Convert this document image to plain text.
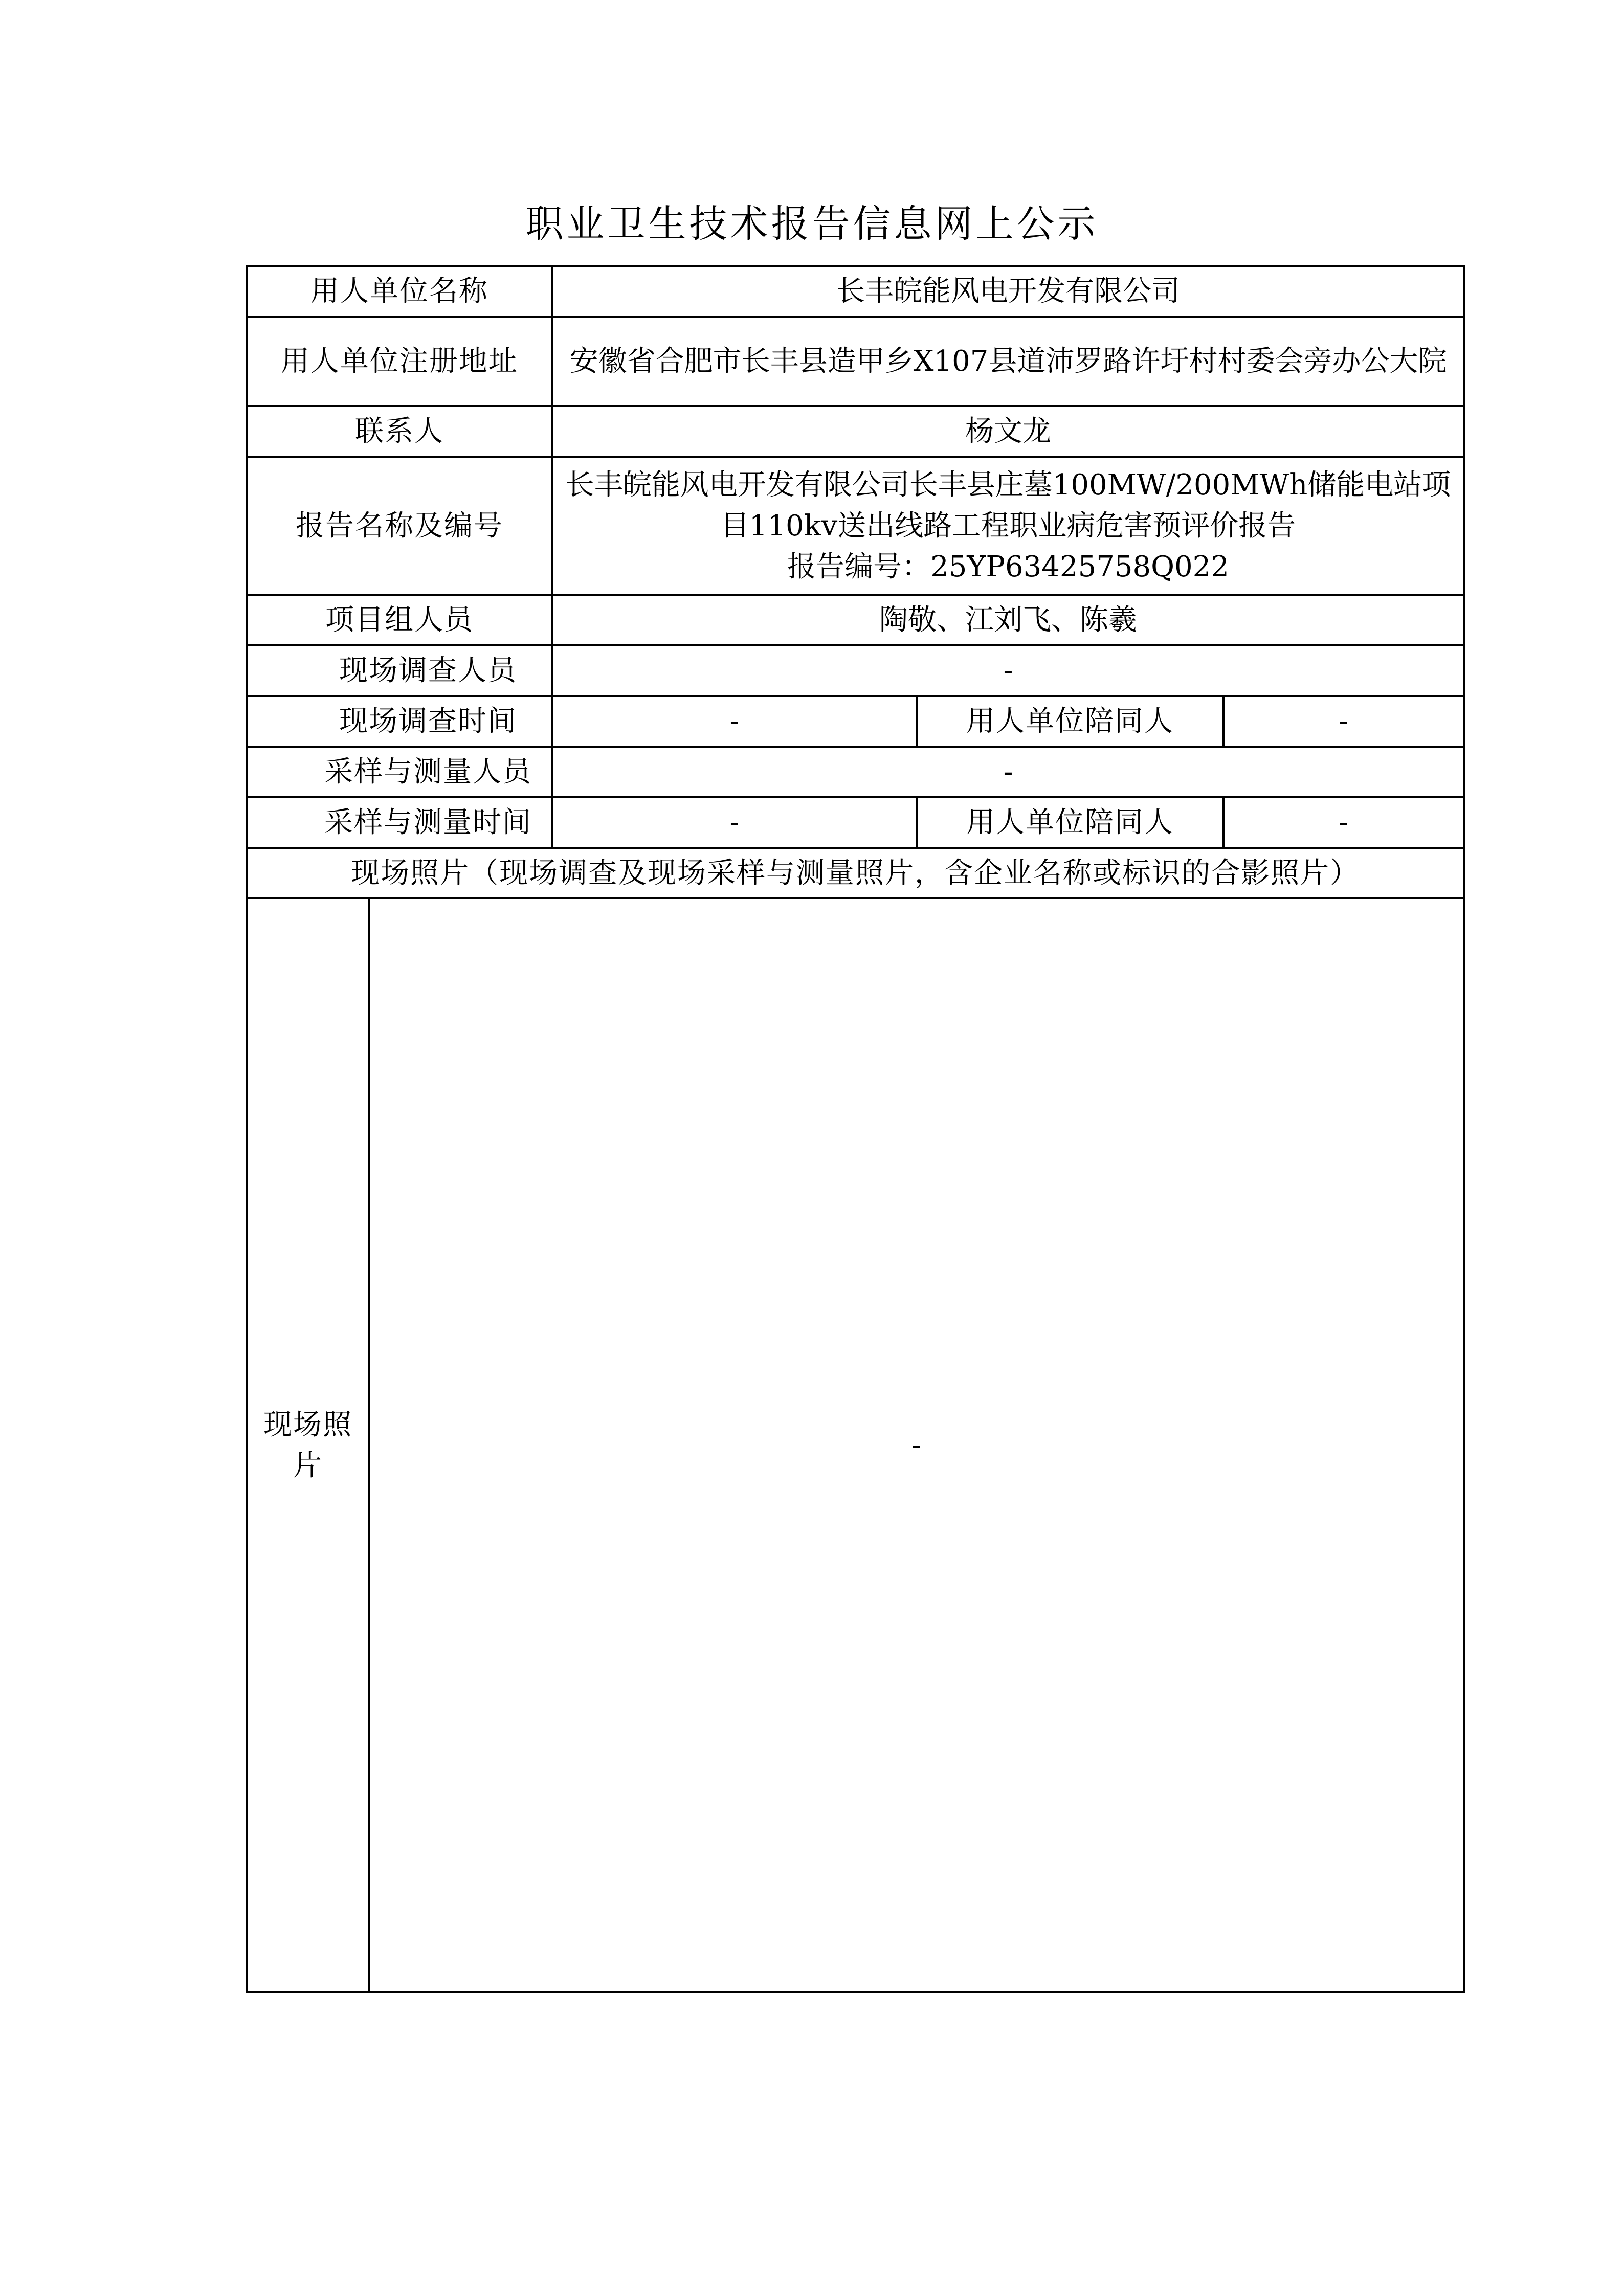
职业卫生技术报告信息网上公示
用人单位名称		长丰皖能风电开发有限公司		
用人单位注册地址		安徽省合肥市长丰县造甲乡X107县道沛罗路许圩村村委会旁办公大院		
联系人		杨文龙		
报告名称及编号		长丰皖能风电开发有限公司长丰县庄墓100MW/200MWh储能电站项目110kv送出线路工程职业病危害预评价报告
报告编号：25YP63425758Q022		

项目组人员		陶敬、江刘飞、陈羲		
现场调查人员		-		
现场调查时间		-	用人单位陪同人	-
采样与测量人员		-		
采样与测量时间		-	用人单位陪同人	-
现场照片（现场调查及现场采样与测量照片，含企业名称或标识的合影照片）				
现场照片	-			
